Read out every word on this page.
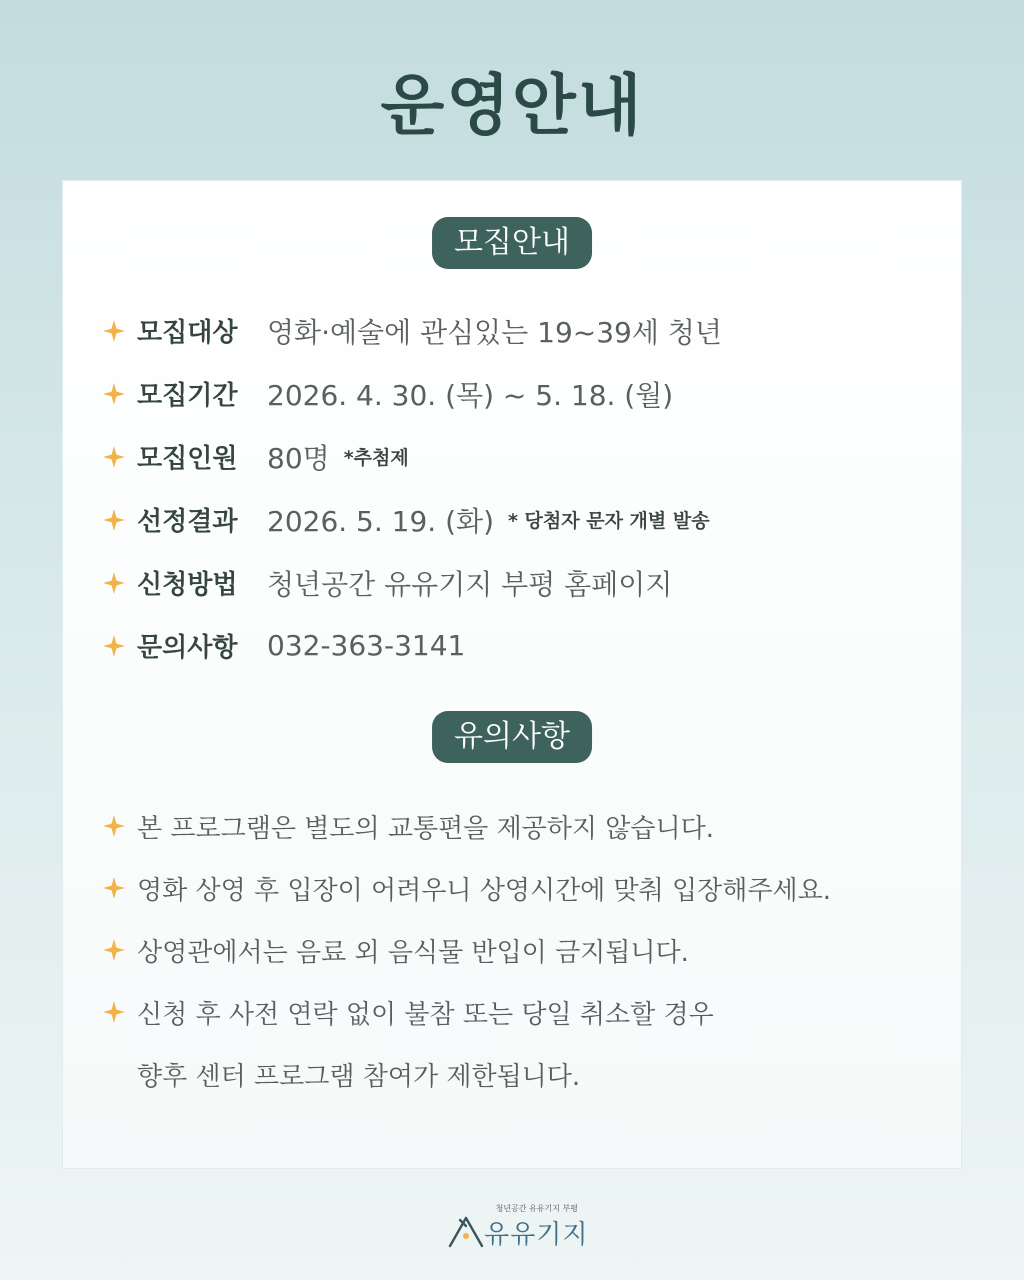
운영안내
모집안내
모집대상	영화·예술에 관심있는 19~39세 청년
모집기간	2026. 4. 30. (목) ~ 5. 18. (월)
모집인원	80명 *추첨제
선정결과	2026. 5. 19. (화) * 당첨자 문자 개별 발송
신청방법	청년공간 유유기지 부평 홈페이지
문의사항	032-363-3141
유의사항
본 프로그램은 별도의 교통편을 제공하지 않습니다.
영화 상영 후 입장이 어려우니 상영시간에 맞춰 입장해주세요.
상영관에서는 음료 외 음식물 반입이 금지됩니다.
신청 후 사전 연락 없이 불참 또는 당일 취소할 경우
향후 센터 프로그램 참여가 제한됩니다.
청년공간 유유기지 부평
유유기지
